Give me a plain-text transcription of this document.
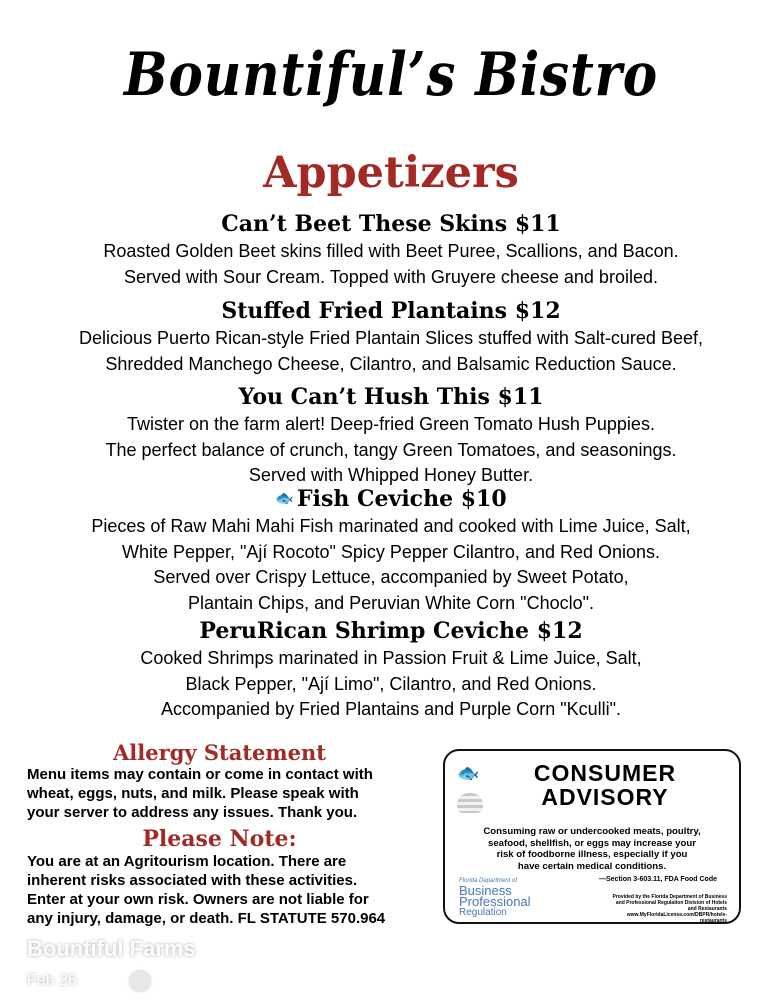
Bountiful’s Bistro
Appetizers
Can’t Beet These Skins $11
Roasted Golden Beet skins filled with Beet Puree, Scallions, and Bacon.
Served with Sour Cream. Topped with Gruyere cheese and broiled.
Stuffed Fried Plantains $12
Delicious Puerto Rican-style Fried Plantain Slices stuffed with Salt-cured Beef,
Shredded Manchego Cheese, Cilantro, and Balsamic Reduction Sauce.
You Can’t Hush This $11
Twister on the farm alert! Deep-fried Green Tomato Hush Puppies.
The perfect balance of crunch, tangy Green Tomatoes, and seasonings.
Served with Whipped Honey Butter.
🐟 Fish Ceviche $10
Pieces of Raw Mahi Mahi Fish marinated and cooked with Lime Juice, Salt,
White Pepper, "Ají Rocoto" Spicy Pepper Cilantro, and Red Onions.
Served over Crispy Lettuce, accompanied by Sweet Potato,
Plantain Chips, and Peruvian White Corn "Choclo".
PeruRican Shrimp Ceviche $12
Cooked Shrimps marinated in Passion Fruit & Lime Juice, Salt,
Black Pepper, "Ají Limo", Cilantro, and Red Onions.
Accompanied by Fried Plantains and Purple Corn "Kculli".
Allergy Statement
Menu items may contain or come in contact with
wheat, eggs, nuts, and milk. Please speak with
your server to address any issues. Thank you.
Please Note:
You are at an Agritourism location. There are
inherent risks associated with these activities.
Enter at your own risk. Owners are not liable for
any injury, damage, or death. FL STATUTE 570.964
🐟	CONSUMER
ADVISORY
Consuming raw or undercooked meats, poultry,
seafood, shellfish, or eggs may increase your
risk of foodborne illness, especially if you
have certain medical conditions.
—Section 3-603.11, FDA Food Code
Florida Department of
Business
Professional
Regulation
Provided by the Florida Department of Business and Professional Regulation Division of Hotels and Restaurants www.MyFloridaLicense.com/DBPR/hotels-restaurants
Bountiful Farms
Feb 26
